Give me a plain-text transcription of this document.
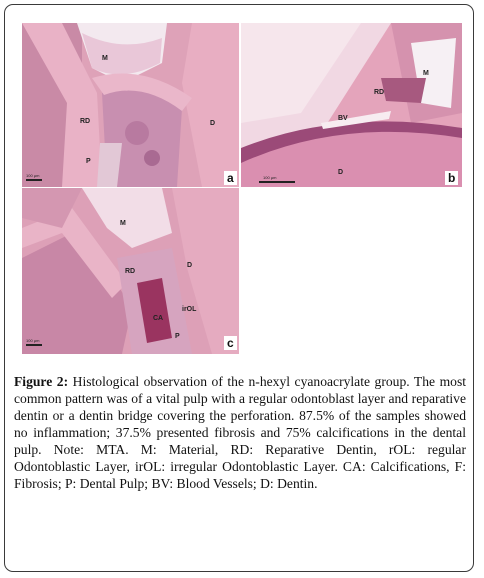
M
RD	D
P
100 µm	a
M
RD
BV
D
100 µm	b
M
RD
D
CA
irOL
P
100 µm	c
Figure 2: Histological observation of the n-hexyl cyanoacrylate group. The most common pattern was of a vital pulp with a regular odontoblast layer and reparative dentin or a dentin bridge covering the perforation. 87.5% of the samples showed no inflammation; 37.5% presented fibrosis and 75% calcifications in the dental pulp. Note: MTA. M: Material, RD: Reparative Dentin, rOL: regular Odontoblastic Layer, irOL: irregular Odontoblastic Layer. CA: Calcifications, F: Fibrosis; P: Dental Pulp; BV: Blood Vessels; D: Dentin.
